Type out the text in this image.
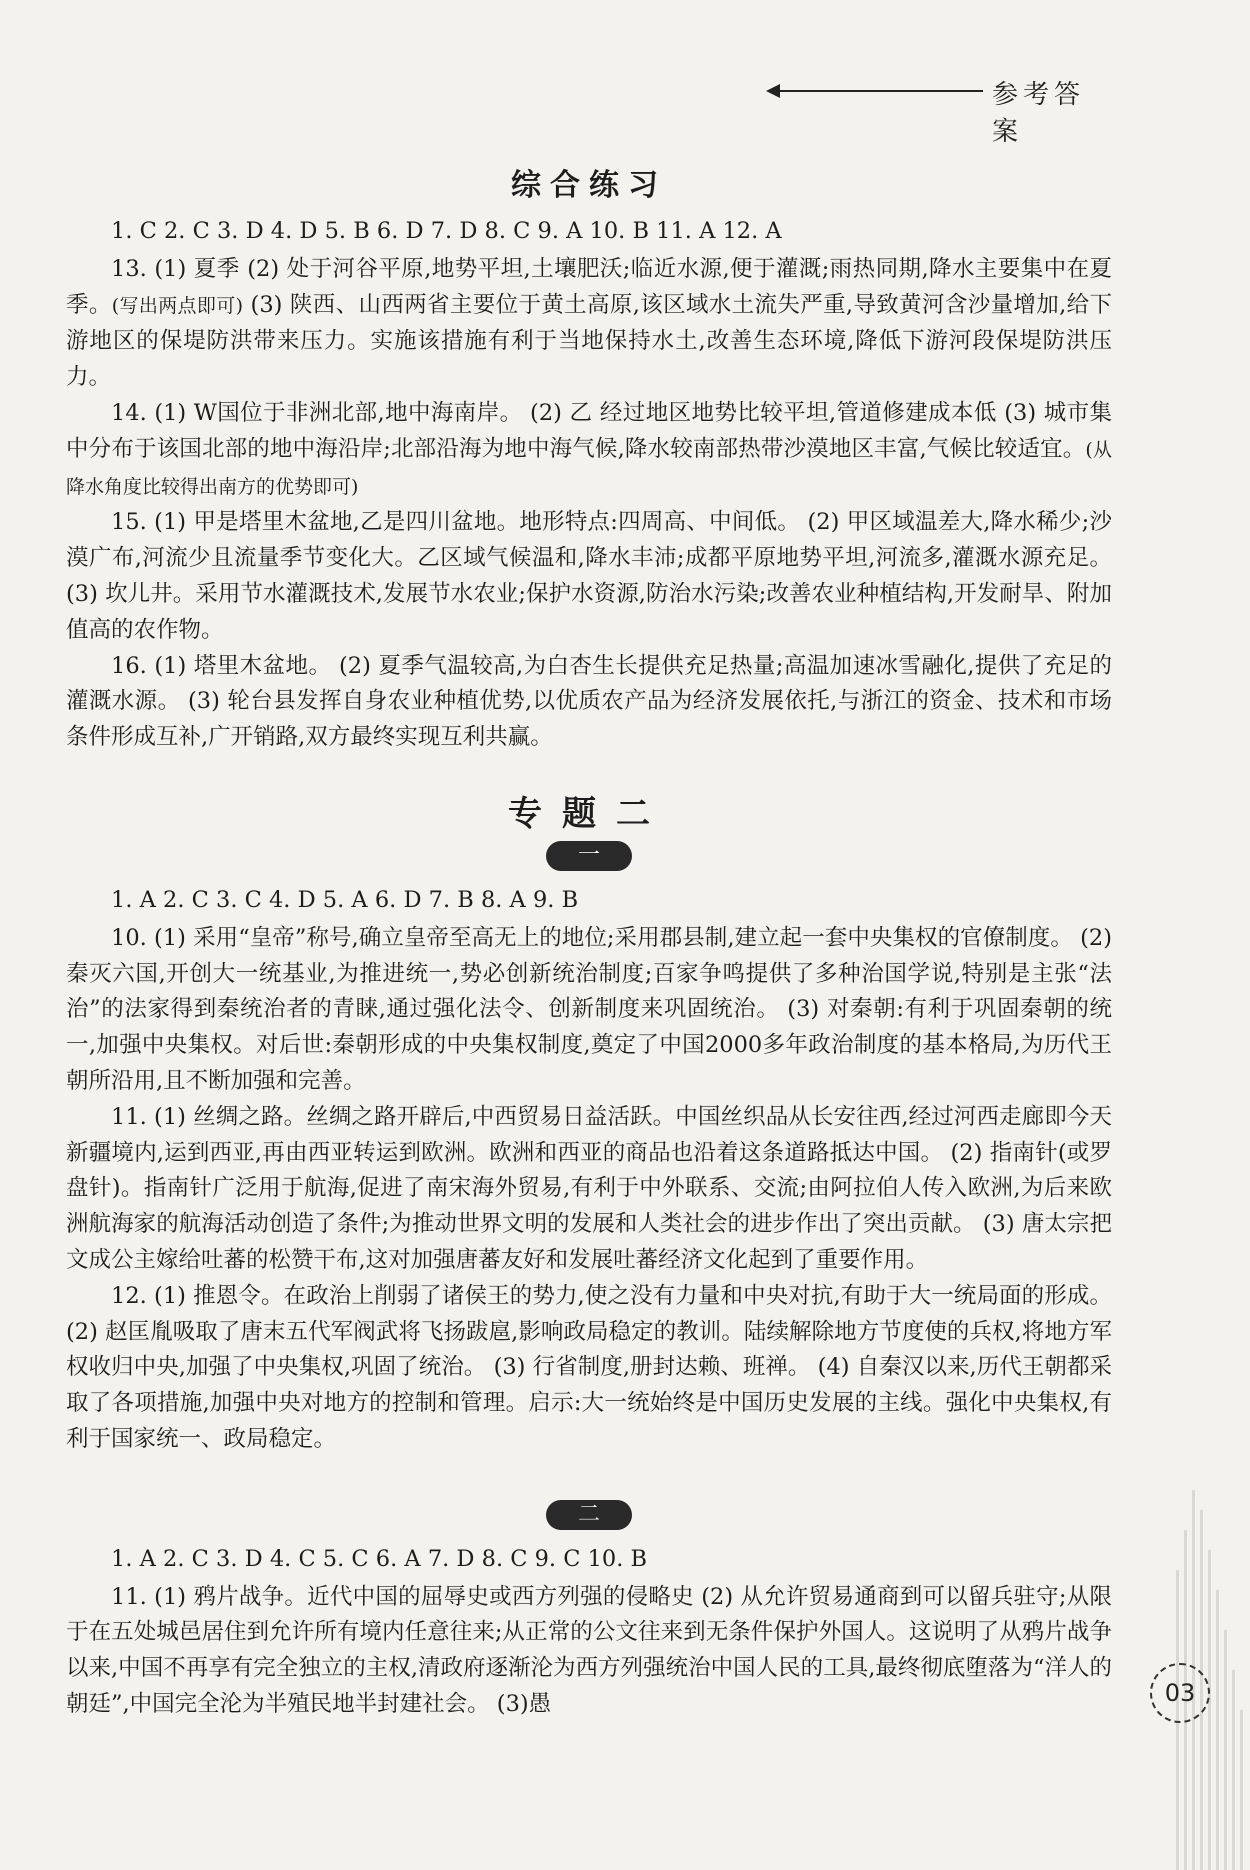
参考答案
综合练习

1. C 2. C 3. D 4. D 5. B 6. D 7. D 8. C 9. A 10. B 11. A 12. A

13. (1) 夏季 (2) 处于河谷平原,地势平坦,土壤肥沃;临近水源,便于灌溉;雨热同期,降水主要集中在夏季。(写出两点即可) (3) 陕西、山西两省主要位于黄土高原,该区域水土流失严重,导致黄河含沙量增加,给下游地区的保堤防洪带来压力。实施该措施有利于当地保持水土,改善生态环境,降低下游河段保堤防洪压力。

14. (1) W国位于非洲北部,地中海南岸。 (2) 乙 经过地区地势比较平坦,管道修建成本低 (3) 城市集中分布于该国北部的地中海沿岸;北部沿海为地中海气候,降水较南部热带沙漠地区丰富,气候比较适宜。(从降水角度比较得出南方的优势即可)

15. (1) 甲是塔里木盆地,乙是四川盆地。地形特点:四周高、中间低。 (2) 甲区域温差大,降水稀少;沙漠广布,河流少且流量季节变化大。乙区域气候温和,降水丰沛;成都平原地势平坦,河流多,灌溉水源充足。 (3) 坎儿井。采用节水灌溉技术,发展节水农业;保护水资源,防治水污染;改善农业种植结构,开发耐旱、附加值高的农作物。

16. (1) 塔里木盆地。 (2) 夏季气温较高,为白杏生长提供充足热量;高温加速冰雪融化,提供了充足的灌溉水源。 (3) 轮台县发挥自身农业种植优势,以优质农产品为经济发展依托,与浙江的资金、技术和市场条件形成互补,广开销路,双方最终实现互利共赢。

专题二
一

1. A 2. C 3. C 4. D 5. A 6. D 7. B 8. A 9. B

10. (1) 采用“皇帝”称号,确立皇帝至高无上的地位;采用郡县制,建立起一套中央集权的官僚制度。 (2) 秦灭六国,开创大一统基业,为推进统一,势必创新统治制度;百家争鸣提供了多种治国学说,特别是主张“法治”的法家得到秦统治者的青睐,通过强化法令、创新制度来巩固统治。 (3) 对秦朝:有利于巩固秦朝的统一,加强中央集权。对后世:秦朝形成的中央集权制度,奠定了中国2000多年政治制度的基本格局,为历代王朝所沿用,且不断加强和完善。

11. (1) 丝绸之路。丝绸之路开辟后,中西贸易日益活跃。中国丝织品从长安往西,经过河西走廊即今天新疆境内,运到西亚,再由西亚转运到欧洲。欧洲和西亚的商品也沿着这条道路抵达中国。 (2) 指南针(或罗盘针)。指南针广泛用于航海,促进了南宋海外贸易,有利于中外联系、交流;由阿拉伯人传入欧洲,为后来欧洲航海家的航海活动创造了条件;为推动世界文明的发展和人类社会的进步作出了突出贡献。 (3) 唐太宗把文成公主嫁给吐蕃的松赞干布,这对加强唐蕃友好和发展吐蕃经济文化起到了重要作用。

12. (1) 推恩令。在政治上削弱了诸侯王的势力,使之没有力量和中央对抗,有助于大一统局面的形成。 (2) 赵匡胤吸取了唐末五代军阀武将飞扬跋扈,影响政局稳定的教训。陆续解除地方节度使的兵权,将地方军权收归中央,加强了中央集权,巩固了统治。 (3) 行省制度,册封达赖、班禅。 (4) 自秦汉以来,历代王朝都采取了各项措施,加强中央对地方的控制和管理。启示:大一统始终是中国历史发展的主线。强化中央集权,有利于国家统一、政局稳定。

二

1. A 2. C 3. D 4. C 5. C 6. A 7. D 8. C 9. C 10. B

11. (1) 鸦片战争。近代中国的屈辱史或西方列强的侵略史 (2) 从允许贸易通商到可以留兵驻守;从限于在五处城邑居住到允许所有境内任意往来;从正常的公文往来到无条件保护外国人。这说明了从鸦片战争以来,中国不再享有完全独立的主权,清政府逐渐沦为西方列强统治中国人民的工具,最终彻底堕落为“洋人的朝廷”,中国完全沦为半殖民地半封建社会。 (3)愚	03
